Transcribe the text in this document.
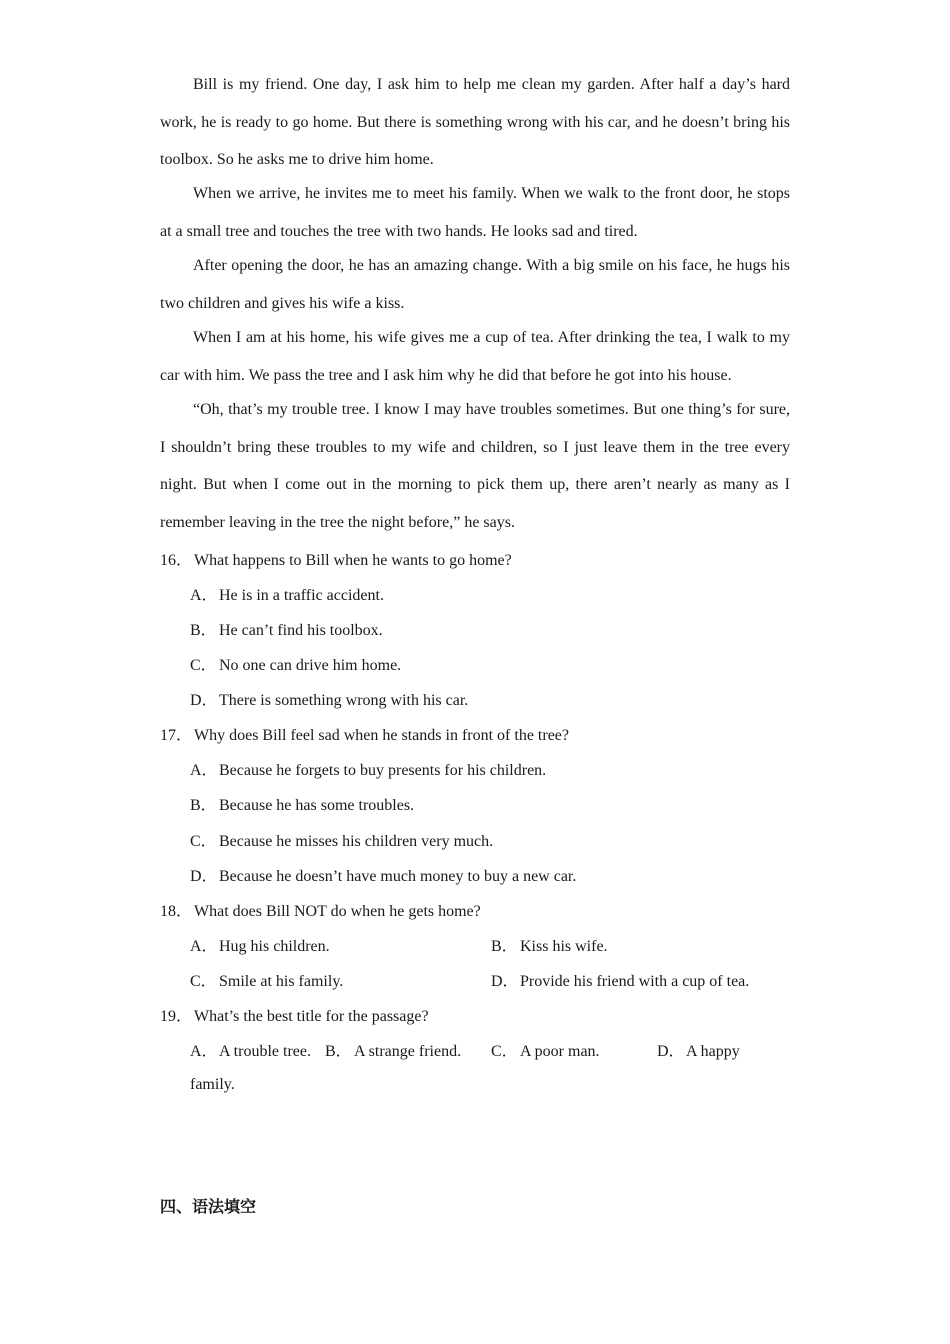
Bill is my friend. One day, I ask him to help me clean my garden. After half a day’s hard work, he is ready to go home. But there is something wrong with his car, and he doesn’t bring his toolbox. So he asks me to drive him home.

When we arrive, he invites me to meet his family. When we walk to the front door, he stops at a small tree and touches the tree with two hands. He looks sad and tired.

After opening the door, he has an amazing change. With a big smile on his face, he hugs his two children and gives his wife a kiss.

When I am at his home, his wife gives me a cup of tea. After drinking the tea, I walk to my car with him. We pass the tree and I ask him why he did that before he got into his house.

“Oh, that’s my trouble tree. I know I may have troubles sometimes. But one thing’s for sure, I shouldn’t bring these troubles to my wife and children, so I just leave them in the tree every night. But when I come out in the morning to pick them up, there aren’t nearly as many as I remember leaving in the tree the night before,” he says.

16． What happens to Bill when he wants to go home?
A．He is in a traffic accident.
B． He can’t find his toolbox.
C． No one can drive him home.
D．There is something wrong with his car.
17． Why does Bill feel sad when he stands in front of the tree?
A．Because he forgets to buy presents for his children.
B． Because he has some troubles.
C． Because he misses his children very much.
D．Because he doesn’t have much money to buy a new car.
18． What does Bill NOT do when he gets home?
A．Hug his children.	B． Kiss his wife.
C． Smile at his family.	D．Provide his friend with a cup of tea.
19． What’s the best title for the passage?
A．A trouble tree. B． A strange friend. C． A poor man.	D．A happy
family.
四、语法填空
